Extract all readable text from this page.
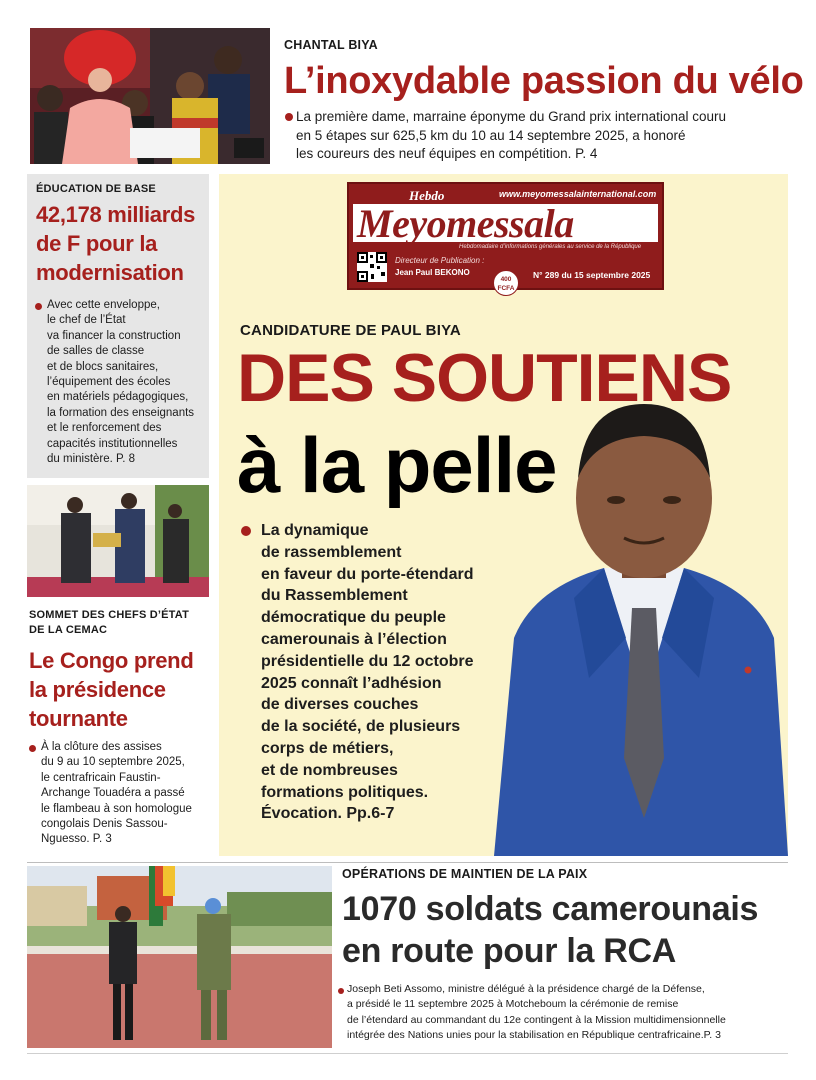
CHANTAL BIYA
L’inoxydable passion du vélo
La première dame, marraine éponyme du Grand prix international couru
en 5 étapes sur 625,5 km du 10 au 14 septembre 2025, a honoré
les coureurs des neuf équipes en compétition. P. 4
ÉDUCATION DE BASE
42,178 milliards
de F pour la
modernisation
Avec cette enveloppe,
le chef de l’État
va financer la construction
de salles de classe
et de blocs sanitaires,
l’équipement des écoles
en matériels pédagogiques,
la formation des enseignants
et le renforcement des
capacités institutionnelles
du ministère. P. 8
SOMMET DES CHEFS D’ÉTAT
DE LA CEMAC
Le Congo prend
la présidence
tournante
À la clôture des assises
du 9 au 10 septembre 2025,
le centrafricain Faustin-
Archange Touadéra a passé
le flambeau à son homologue
congolais Denis Sassou-
Nguesso. P. 3
Hebdo	www.meyomessalainternational.com
Meyomessala
Hebdomadaire d’informations générales au service de la République
Directeur de Publication :
Jean Paul BEKONO
400
FCFA
N° 289 du 15 septembre 2025
CANDIDATURE DE PAUL BIYA
DES SOUTIENS
à la pelle
La dynamique
de rassemblement
en faveur du porte-étendard
du Rassemblement
démocratique du peuple
camerounais à l’élection
présidentielle du 12 octobre
2025 connaît l’adhésion
de diverses couches
de la société, de plusieurs
corps de métiers,
et de nombreuses
formations politiques.
Évocation. Pp.6-7
OPÉRATIONS DE MAINTIEN DE LA PAIX
1070 soldats camerounais
en route pour la RCA
Joseph Beti Assomo, ministre délégué à la présidence chargé de la Défense,
a présidé le 11 septembre 2025 à Motcheboum la cérémonie de remise
de l’étendard au commandant du 12e contingent à la Mission multidimensionnelle
intégrée des Nations unies pour la stabilisation en République centrafricaine.P. 3
